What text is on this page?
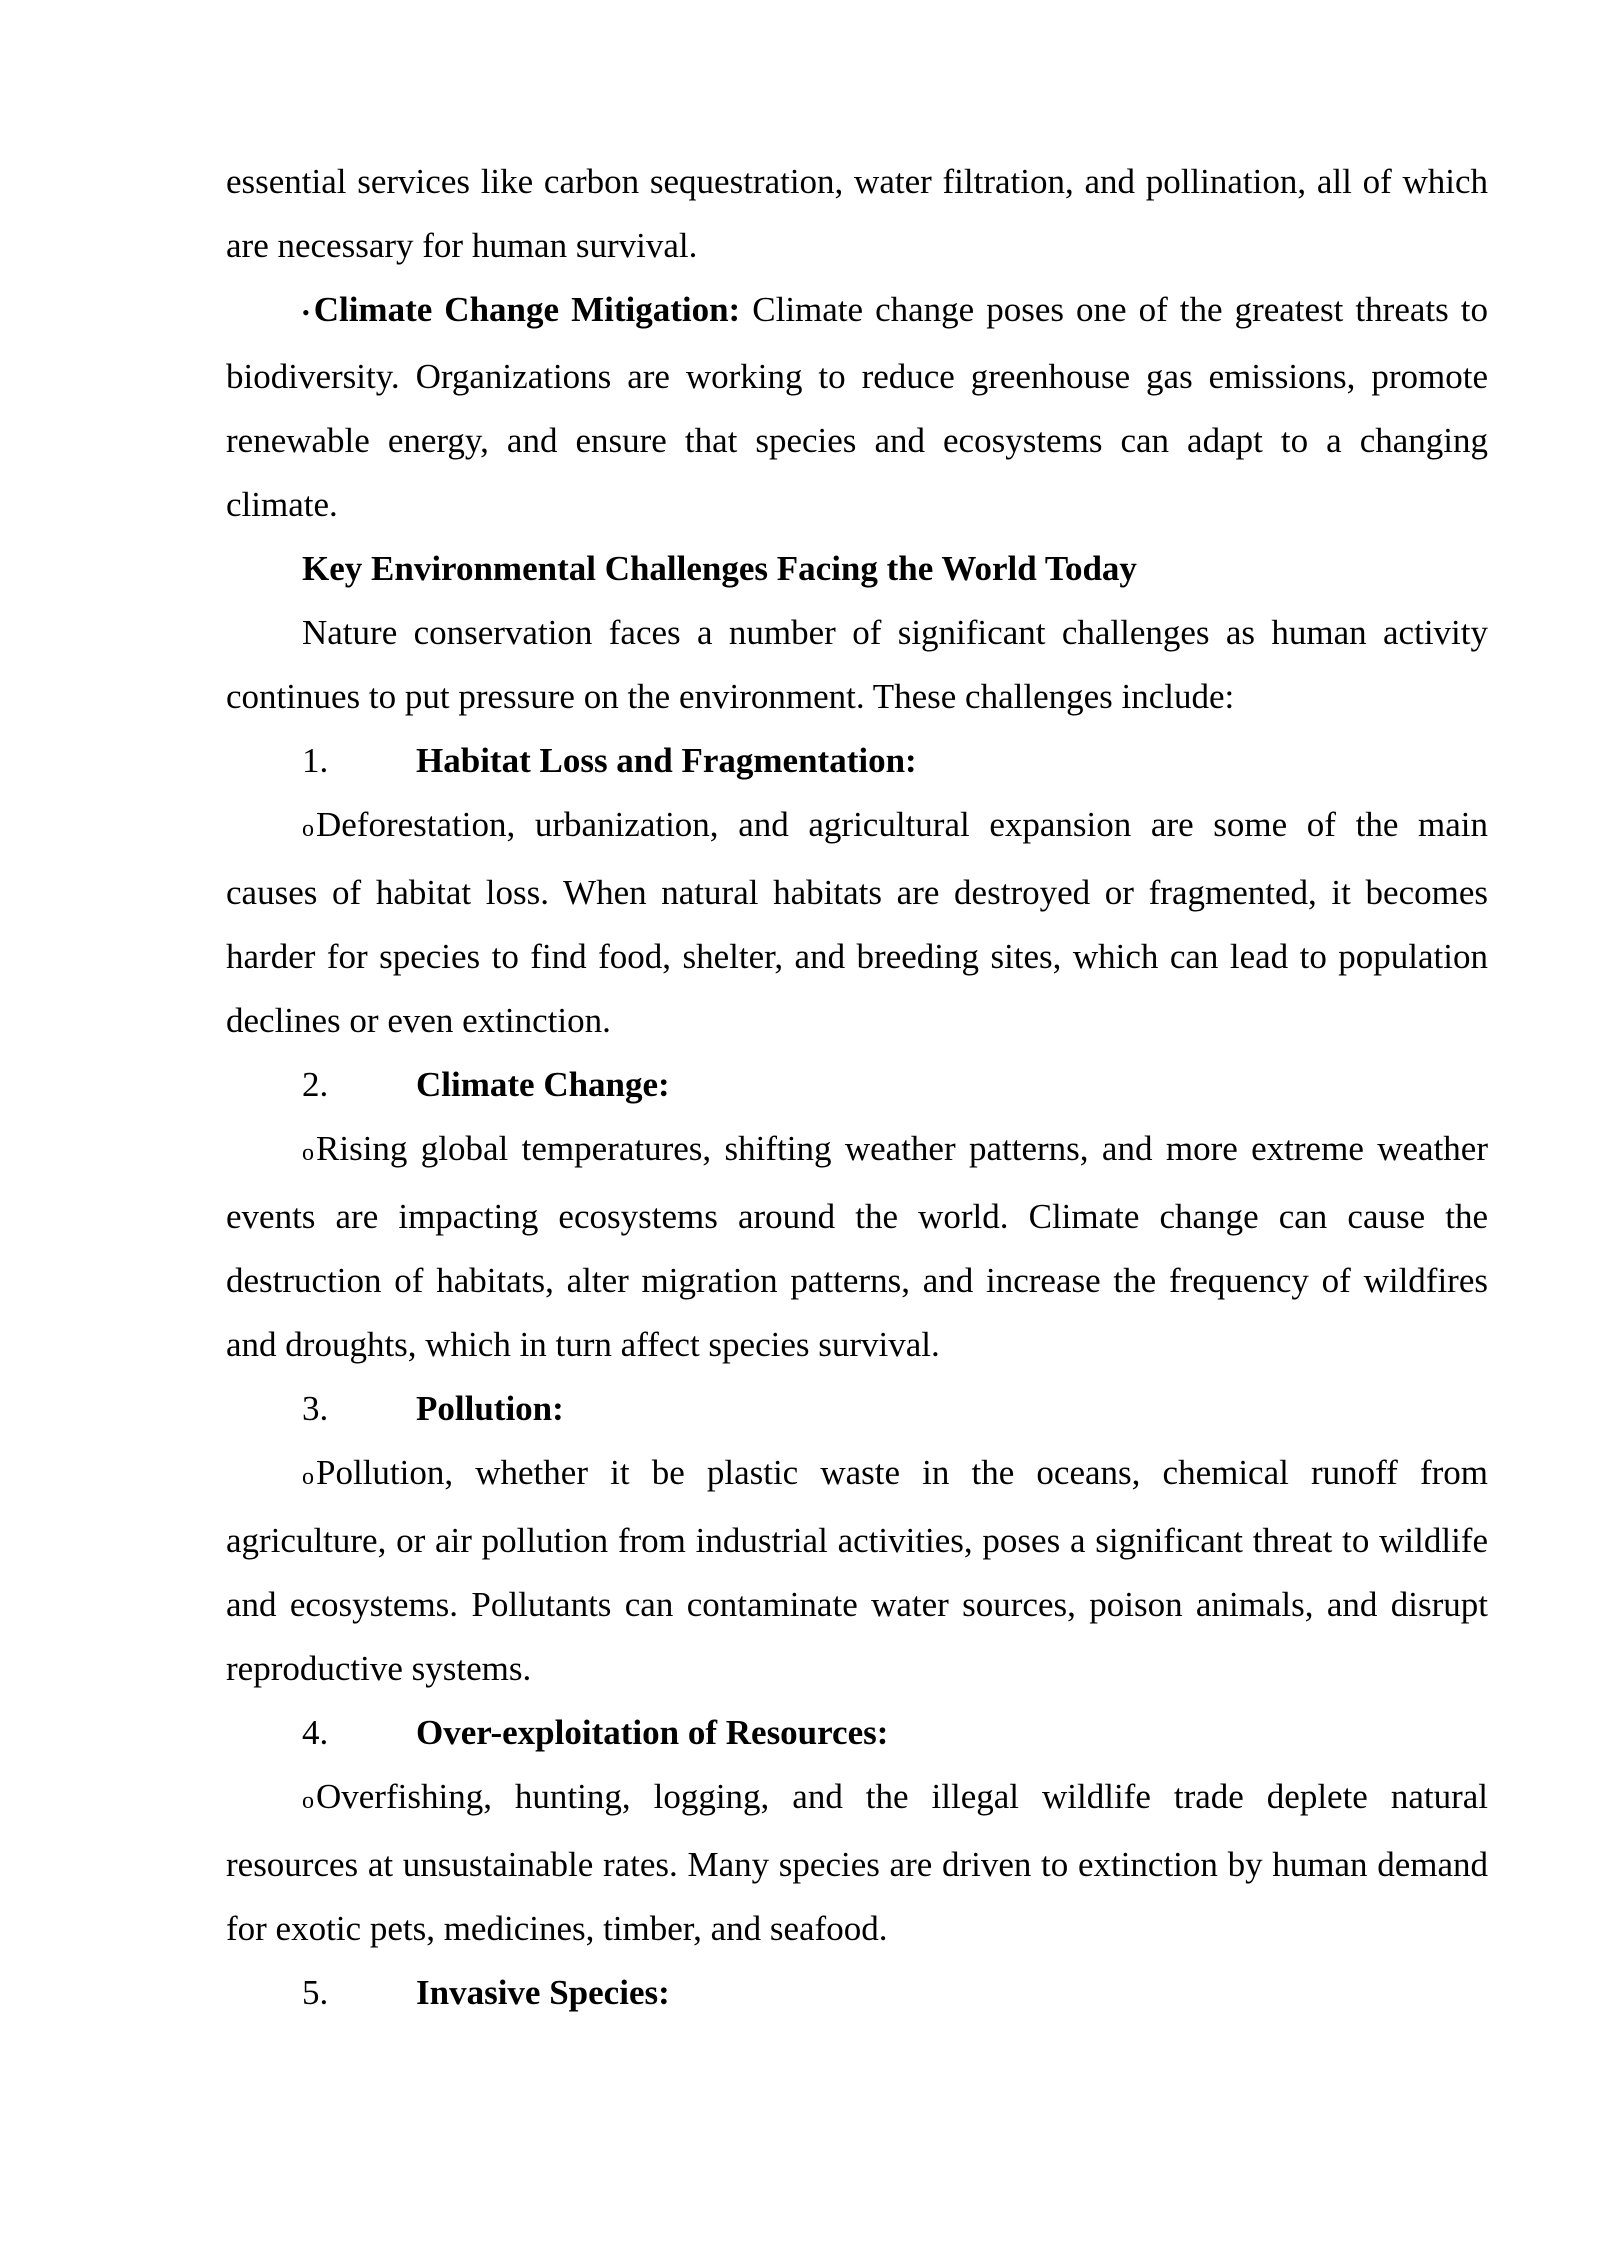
essential services like carbon sequestration, water filtration, and pollination, all of which are necessary for human survival.

• Climate Change Mitigation: Climate change poses one of the greatest threats to biodiversity. Organizations are working to reduce greenhouse gas emissions, promote renewable energy, and ensure that species and ecosystems can adapt to a changing climate.

Key Environmental Challenges Facing the World Today

Nature conservation faces a number of significant challenges as human activity continues to put pressure on the environment. These challenges include:

1.	Habitat Loss and Fragmentation:

oDeforestation, urbanization, and agricultural expansion are some of the main causes of habitat loss. When natural habitats are destroyed or fragmented, it becomes harder for species to find food, shelter, and breeding sites, which can lead to population declines or even extinction.

2.	Climate Change:

oRising global temperatures, shifting weather patterns, and more extreme weather events are impacting ecosystems around the world. Climate change can cause the destruction of habitats, alter migration patterns, and increase the frequency of wildfires and droughts, which in turn affect species survival.

3.	Pollution:

oPollution, whether it be plastic waste in the oceans, chemical runoff from agriculture, or air pollution from industrial activities, poses a significant threat to wildlife and ecosystems. Pollutants can contaminate water sources, poison animals, and disrupt reproductive systems.

4.	Over-exploitation of Resources:

oOverfishing, hunting, logging, and the illegal wildlife trade deplete natural resources at unsustainable rates. Many species are driven to extinction by human demand for exotic pets, medicines, timber, and seafood.

5.	Invasive Species:
